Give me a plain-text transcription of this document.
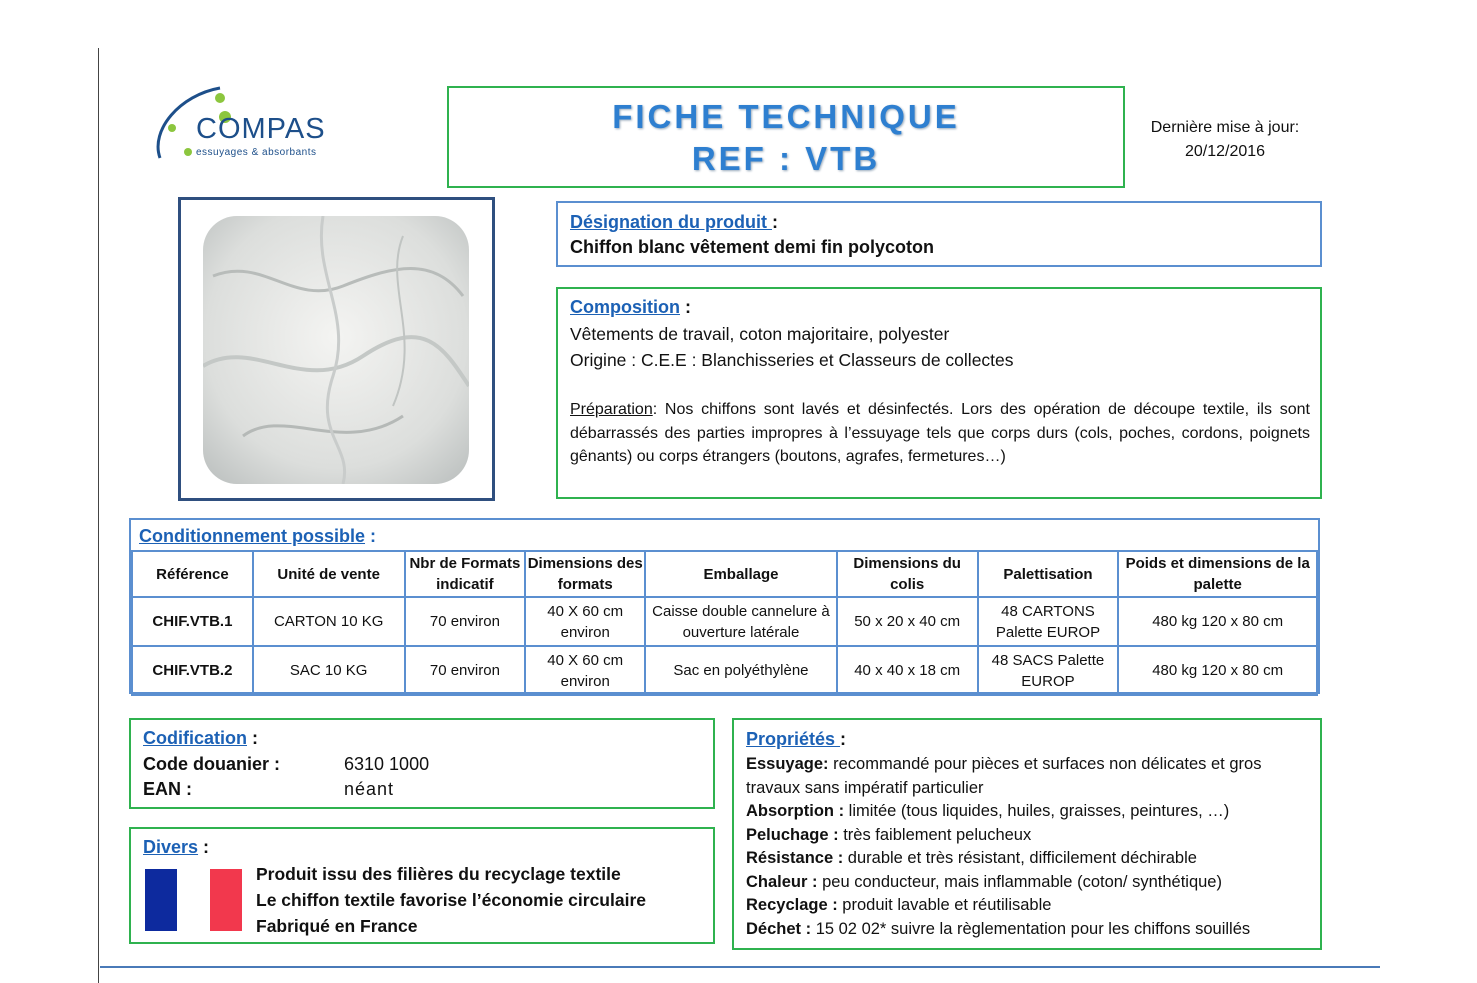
COMPAS
essuyages & absorbants
FICHE TECHNIQUE
REF : VTB
Dernière mise à jour:
20/12/2016
Désignation du produit :
Chiffon blanc vêtement demi fin polycoton
Composition :
Vêtements de travail, coton majoritaire, polyester
Origine : C.E.E : Blanchisseries et Classeurs de collectes
Préparation: Nos chiffons sont lavés et désinfectés. Lors des opération de découpe textile, ils sont débarrassés des parties impropres à l’essuyage tels que corps durs (cols, poches, cordons, poignets gênants) ou corps étrangers (boutons, agrafes, fermetures…)
Conditionnement possible :
Référence	Unité de vente	Nbr de Formats indicatif	Dimensions des formats	Emballage	Dimensions du colis	Palettisation	Poids et dimensions de la palette
CHIF.VTB.1	CARTON 10 KG	70 environ	40 X 60 cm environ	Caisse double cannelure à ouverture latérale	50 x 20 x 40 cm	48 CARTONS Palette EUROP	480 kg 120 x 80 cm
CHIF.VTB.2	SAC 10 KG	70 environ	40 X 60 cm environ	Sac en polyéthylène	40 x 40 x 18 cm	48 SACS Palette EUROP	480 kg 120 x 80 cm
Codification :
Code douanier :	6310 1000
EAN :	néant
Divers :
Produit issu des filières du recyclage textile
Le chiffon textile favorise l’économie circulaire
Fabriqué en France
Propriétés :
Essuyage: recommandé pour pièces et surfaces non délicates et gros travaux sans impératif particulier
Absorption : limitée (tous liquides, huiles, graisses, peintures, …)
Peluchage : très faiblement pelucheux
Résistance : durable et très résistant, difficilement déchirable
Chaleur : peu conducteur, mais inflammable (coton/ synthétique)
Recyclage : produit lavable et réutilisable
Déchet : 15 02 02* suivre la règlementation pour les chiffons souillés
